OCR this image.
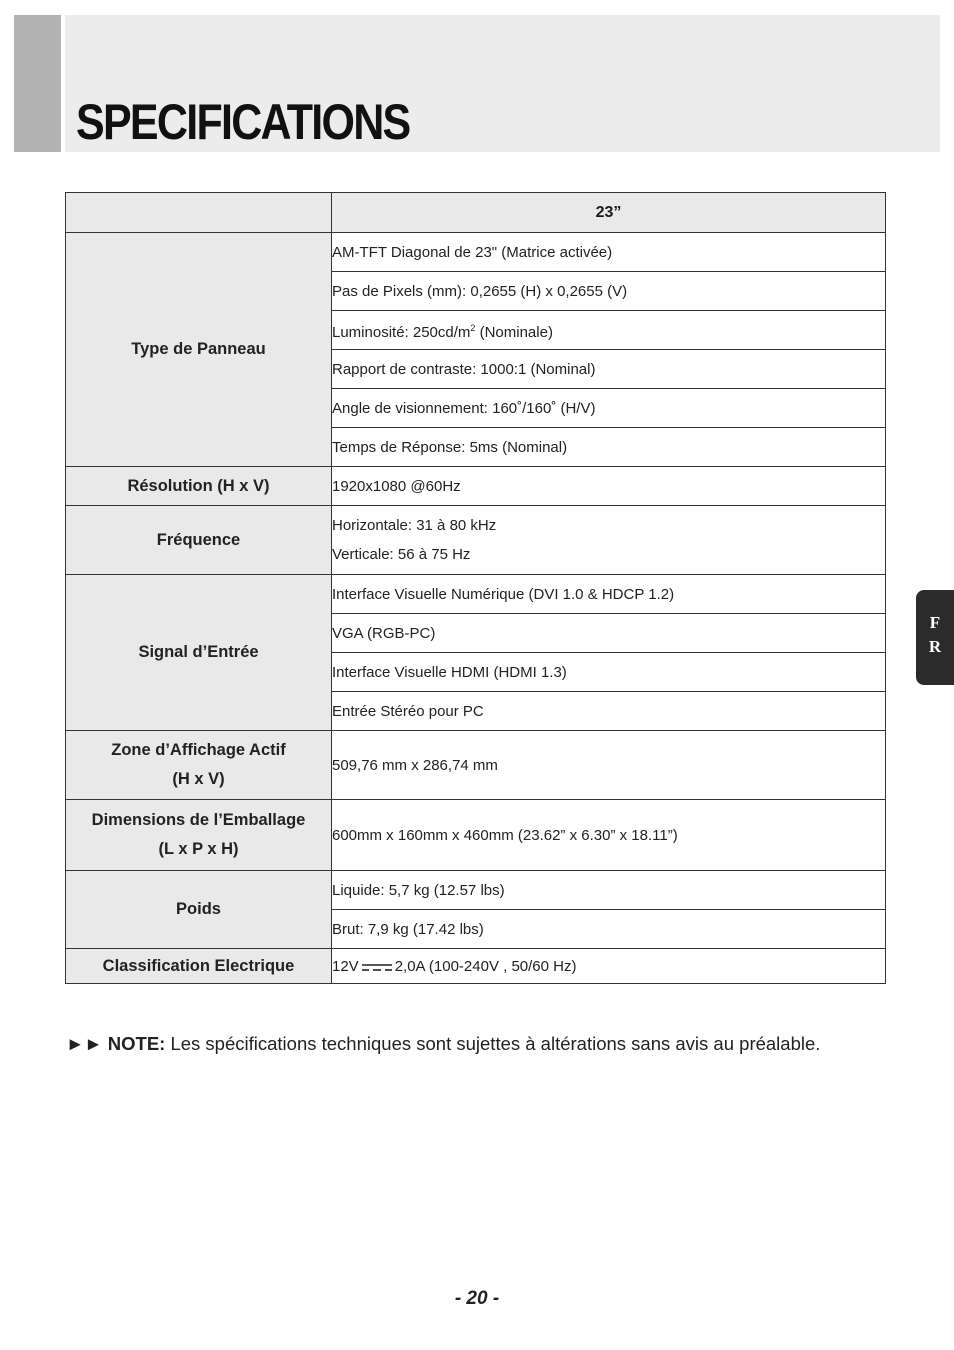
SPECIFICATIONS
	23”
Type de Panneau	AM-TFT Diagonal de 23" (Matrice activée)
	Pas de Pixels (mm): 0,2655 (H) x 0,2655 (V)
	Luminosité: $250cd/m^2$ (Nominale)
	Rapport de contraste: 1000:1 (Nominal)
	Angle de visionnement: 160˚/160˚ (H/V)
	Temps de Réponse: 5ms (Nominal)
Résolution (H x V)	1920x1080 @60Hz
Fréquence	Horizontale: 31 à 80 kHz
Verticale: 56 à 75 Hz

Signal d’Entrée	Interface Visuelle Numérique (DVI 1.0 & HDCP 1.2)
	VGA (RGB-PC)
	Interface Visuelle HDMI (HDMI 1.3)
	Entrée Stéréo pour PC

Zone d’Affichage Actif
(H x V)	509,76 mm x 286,74 mm

Dimensions de l’Emballage
(L x P x H)	600mm x 160mm x 460mm (23.62” x 6.30” x 18.11”)
Poids	Liquide: 5,7 kg (12.57 lbs)
	Brut: 7,9 kg (17.42 lbs)
Classification Electrique	12V 2,0A (100-240V , 50/60 Hz)
►► NOTE: Les spécifications techniques sont sujettes à altérations sans avis au préalable.
F
R
- 20 -
